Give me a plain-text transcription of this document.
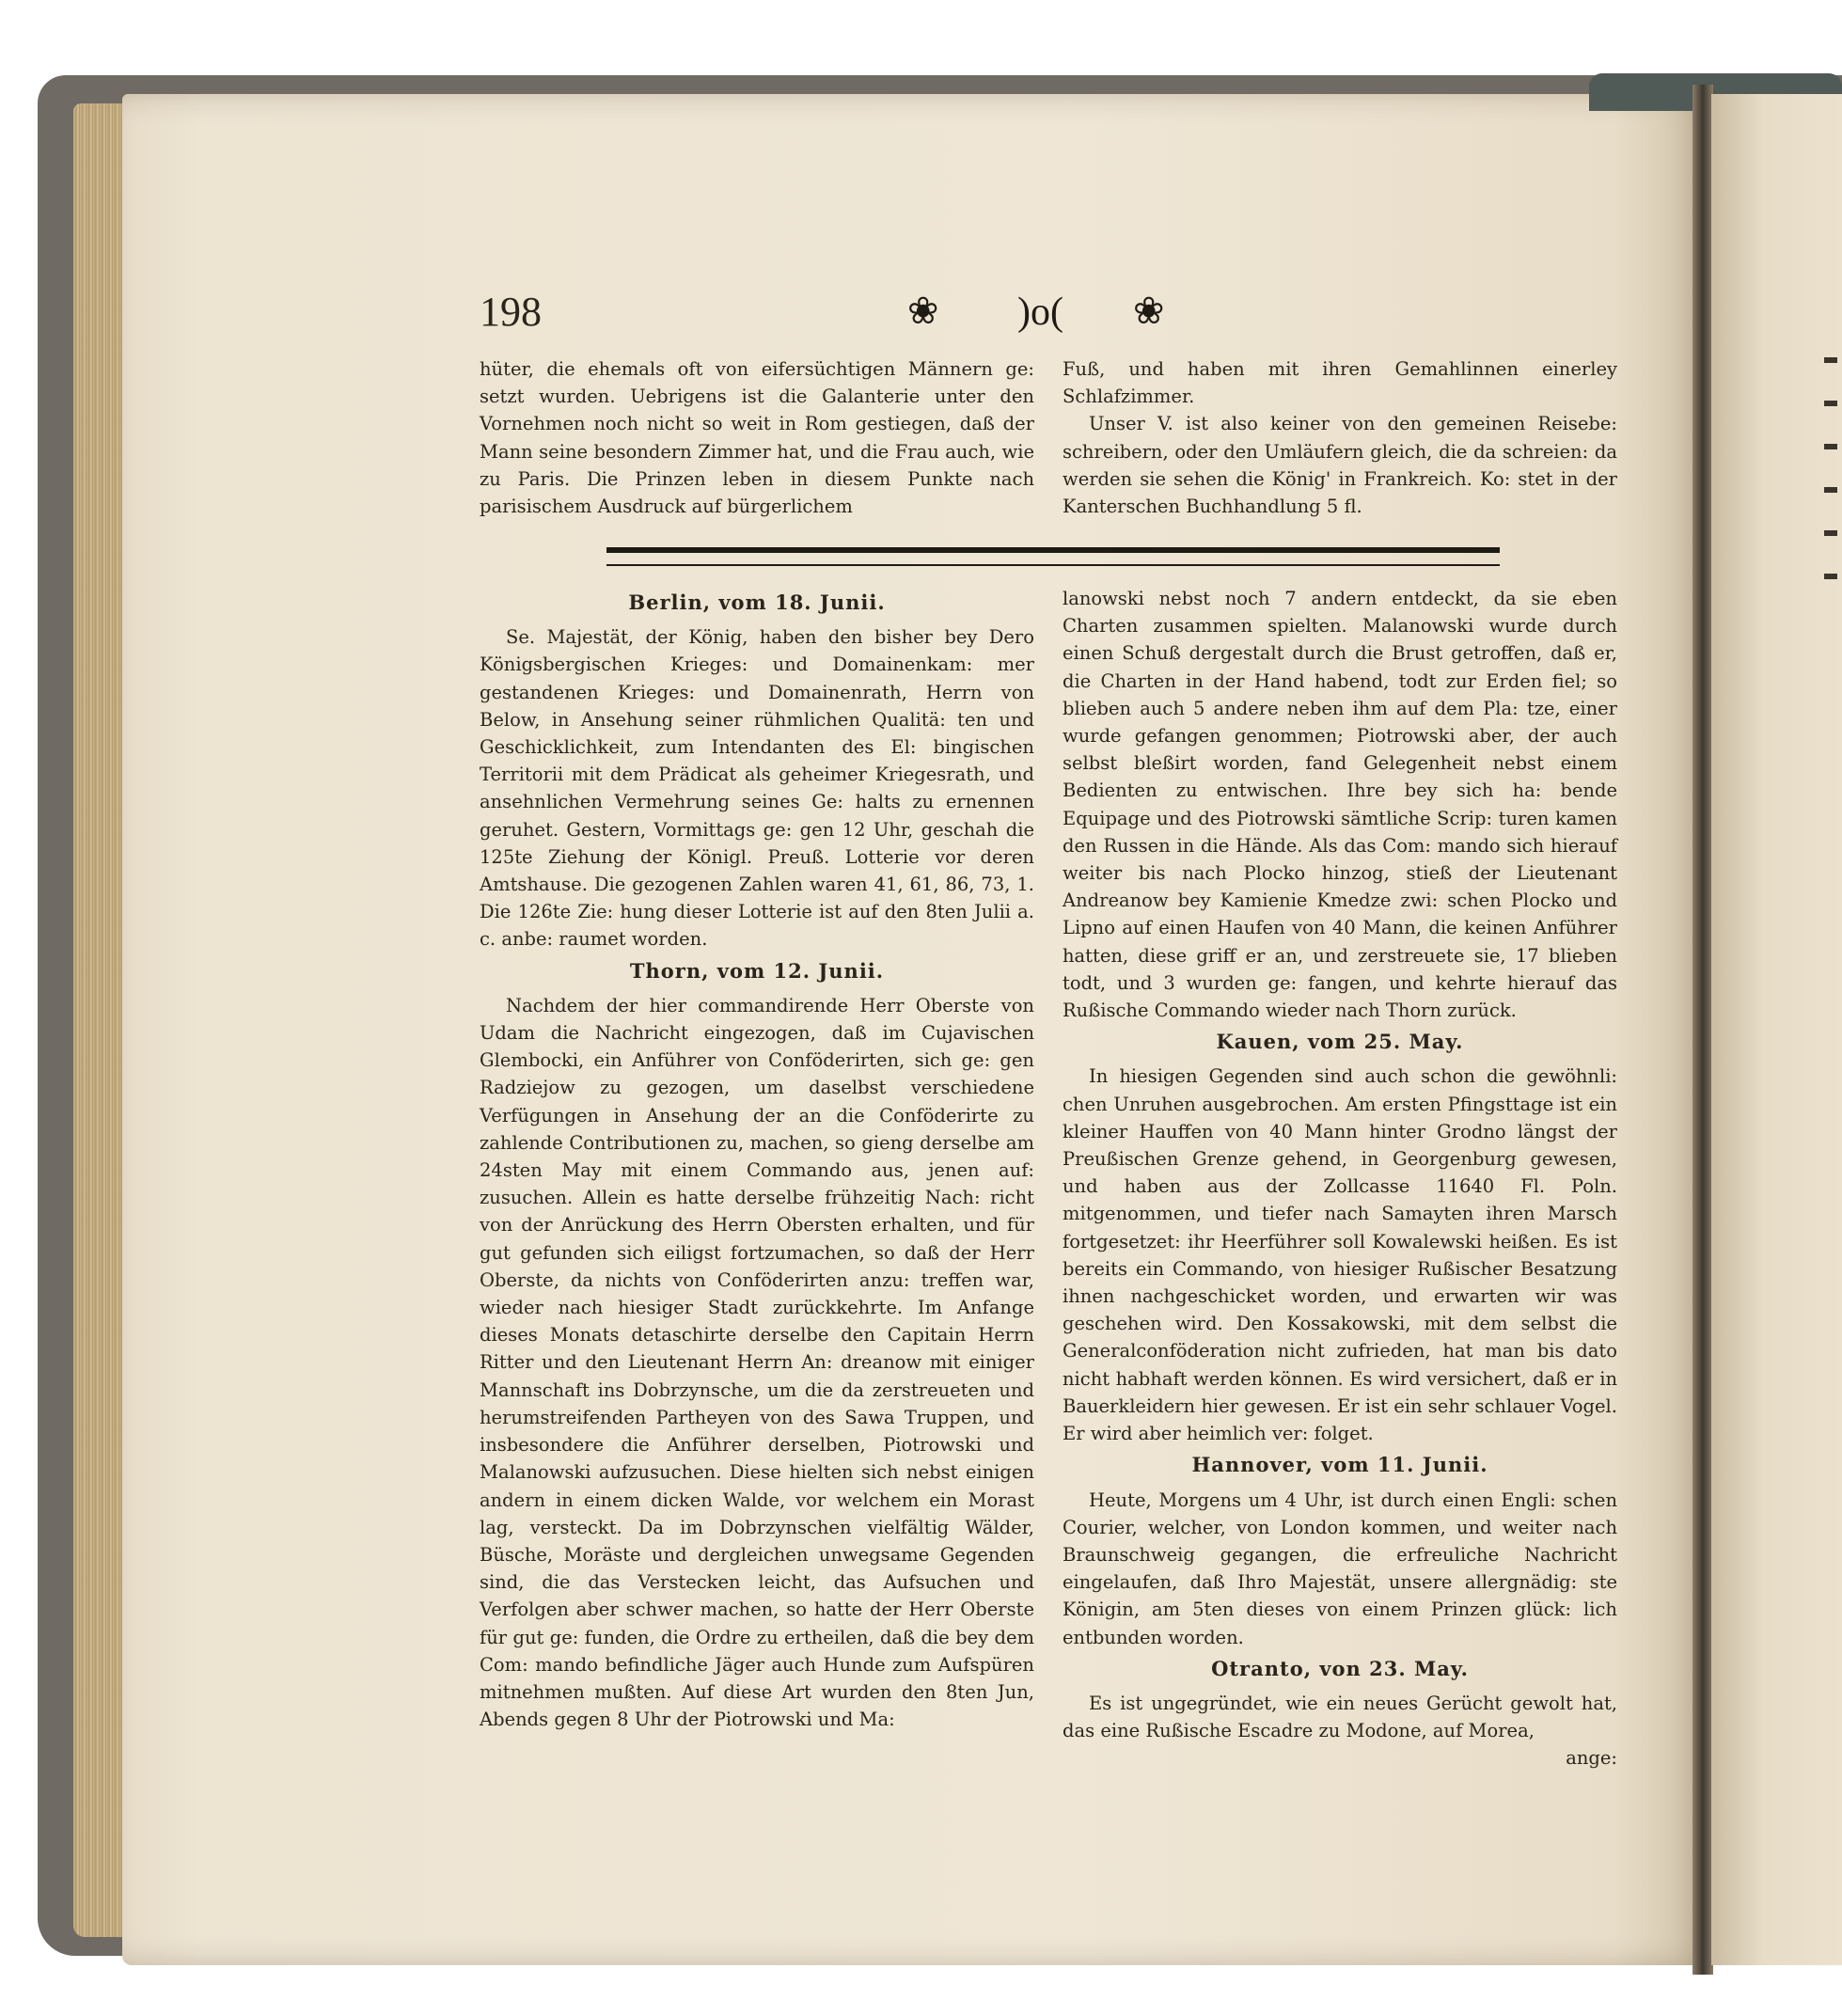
198	❀ )o( ❀

hüter, die ehemals oft von eifersüchtigen Männern ge: setzt wurden. Uebrigens ist die Galanterie unter den Vornehmen noch nicht so weit in Rom gestiegen, daß der Mann seine besondern Zimmer hat, und die Frau auch, wie zu Paris. Die Prinzen leben in diesem Punkte nach parisischem Ausdruck auf bürgerlichem

Fuß, und haben mit ihren Gemahlinnen einerley Schlafzimmer.

Unser V. ist also keiner von den gemeinen Reisebe: schreibern, oder den Umläufern gleich, die da schreien: da werden sie sehen die König' in Frankreich. Ko: stet in der Kanterschen Buchhandlung 5 fl.

Berlin, vom 18. Junii.

Se. Majestät, der König, haben den bisher bey Dero Königsbergischen Krieges: und Domainenkam: mer gestandenen Krieges: und Domainenrath, Herrn von Below, in Ansehung seiner rühmlichen Qualitä: ten und Geschicklichkeit, zum Intendanten des El: bingischen Territorii mit dem Prädicat als geheimer Kriegesrath, und ansehnlichen Vermehrung seines Ge: halts zu ernennen geruhet. Gestern, Vormittags ge: gen 12 Uhr, geschah die 125te Ziehung der Königl. Preuß. Lotterie vor deren Amtshause. Die gezogenen Zahlen waren 41, 61, 86, 73, 1. Die 126te Zie: hung dieser Lotterie ist auf den 8ten Julii a. c. anbe: raumet worden.

Thorn, vom 12. Junii.

Nachdem der hier commandirende Herr Oberste von Udam die Nachricht eingezogen, daß im Cujavischen Glembocki, ein Anführer von Conföderirten, sich ge: gen Radziejow zu gezogen, um daselbst verschiedene Verfügungen in Ansehung der an die Conföderirte zu zahlende Contributionen zu, machen, so gieng derselbe am 24sten May mit einem Commando aus, jenen auf: zusuchen. Allein es hatte derselbe frühzeitig Nach: richt von der Anrückung des Herrn Obersten erhalten, und für gut gefunden sich eiligst fortzumachen, so daß der Herr Oberste, da nichts von Conföderirten anzu: treffen war, wieder nach hiesiger Stadt zurückkehrte. Im Anfange dieses Monats detaschirte derselbe den Capitain Herrn Ritter und den Lieutenant Herrn An: dreanow mit einiger Mannschaft ins Dobrzynsche, um die da zerstreueten und herumstreifenden Partheyen von des Sawa Truppen, und insbesondere die Anführer derselben, Piotrowski und Malanowski aufzusuchen. Diese hielten sich nebst einigen andern in einem dicken Walde, vor welchem ein Morast lag, versteckt. Da im Dobrzynschen vielfältig Wälder, Büsche, Moräste und dergleichen unwegsame Gegenden sind, die das Verstecken leicht, das Aufsuchen und Verfolgen aber schwer machen, so hatte der Herr Oberste für gut ge: funden, die Ordre zu ertheilen, daß die bey dem Com: mando befindliche Jäger auch Hunde zum Aufspüren mitnehmen mußten. Auf diese Art wurden den 8ten Jun, Abends gegen 8 Uhr der Piotrowski und Ma:

lanowski nebst noch 7 andern entdeckt, da sie eben Charten zusammen spielten. Malanowski wurde durch einen Schuß dergestalt durch die Brust getroffen, daß er, die Charten in der Hand habend, todt zur Erden fiel; so blieben auch 5 andere neben ihm auf dem Pla: tze, einer wurde gefangen genommen; Piotrowski aber, der auch selbst bleßirt worden, fand Gelegenheit nebst einem Bedienten zu entwischen. Ihre bey sich ha: bende Equipage und des Piotrowski sämtliche Scrip: turen kamen den Russen in die Hände. Als das Com: mando sich hierauf weiter bis nach Plocko hinzog, stieß der Lieutenant Andreanow bey Kamienie Kmedze zwi: schen Plocko und Lipno auf einen Haufen von 40 Mann, die keinen Anführer hatten, diese griff er an, und zerstreuete sie, 17 blieben todt, und 3 wurden ge: fangen, und kehrte hierauf das Rußische Commando wieder nach Thorn zurück.

Kauen, vom 25. May.

In hiesigen Gegenden sind auch schon die gewöhnli: chen Unruhen ausgebrochen. Am ersten Pfingsttage ist ein kleiner Hauffen von 40 Mann hinter Grodno längst der Preußischen Grenze gehend, in Georgenburg gewesen, und haben aus der Zollcasse 11640 Fl. Poln. mitgenommen, und tiefer nach Samayten ihren Marsch fortgesetzet: ihr Heerführer soll Kowalewski heißen. Es ist bereits ein Commando, von hiesiger Rußischer Besatzung ihnen nachgeschicket worden, und erwarten wir was geschehen wird. Den Kossakowski, mit dem selbst die Generalconföderation nicht zufrieden, hat man bis dato nicht habhaft werden können. Es wird versichert, daß er in Bauerkleidern hier gewesen. Er ist ein sehr schlauer Vogel. Er wird aber heimlich ver: folget.

Hannover, vom 11. Junii.

Heute, Morgens um 4 Uhr, ist durch einen Engli: schen Courier, welcher, von London kommen, und weiter nach Braunschweig gegangen, die erfreuliche Nachricht eingelaufen, daß Ihro Majestät, unsere allergnädig: ste Königin, am 5ten dieses von einem Prinzen glück: lich entbunden worden.

Otranto, von 23. May.

Es ist ungegründet, wie ein neues Gerücht gewolt hat, das eine Rußische Escadre zu Modone, auf Morea,

ange:
